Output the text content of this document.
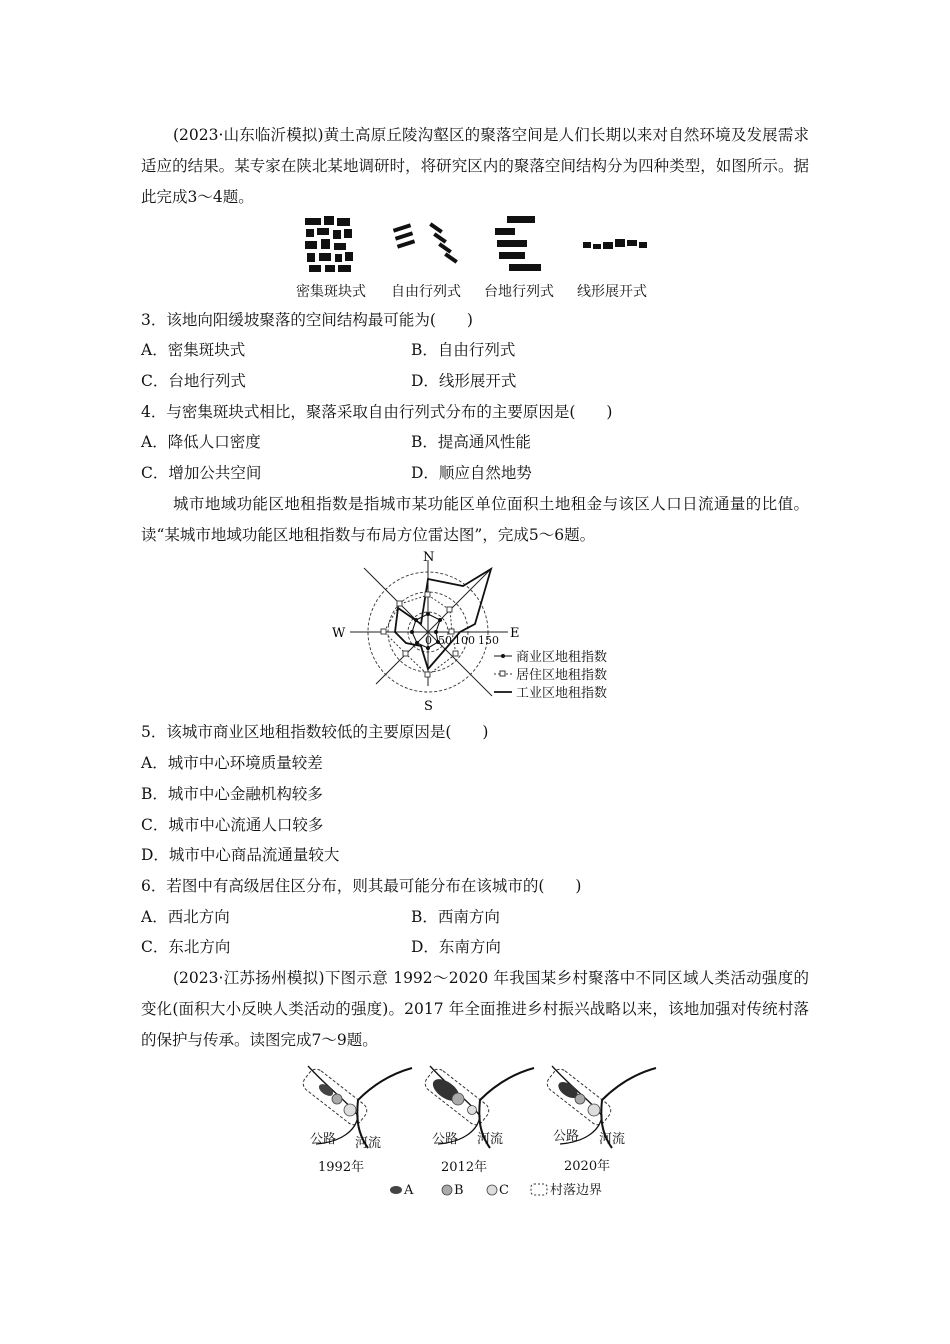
(2023·山东临沂模拟)黄土高原丘陵沟壑区的聚落空间是人们长期以来对自然环境及发展需求适应的结果。某专家在陕北某地调研时，将研究区内的聚落空间结构分为四种类型，如图所示。据此完成3～4题。
密集斑块式 自由行列式 台地行列式 线形展开式
3．该地向阳缓坡聚落的空间结构最可能为(　　)
A．密集斑块式	B．自由行列式
C．台地行列式	D．线形展开式
4．与密集斑块式相比，聚落采取自由行列式分布的主要原因是(　　)
A．降低人口密度	B．提高通风性能
C．增加公共空间	D．顺应自然地势
城市地域功能区地租指数是指城市某功能区单位面积土地租金与该区人口日流通量的比值。读“某城市地域功能区地租指数与布局方位雷达图”，完成5～6题。
N
E
S
W	0 50 100 150
商业区地租指数
居住区地租指数
工业区地租指数
5．该城市商业区地租指数较低的主要原因是(　　)
A．城市中心环境质量较差
B．城市中心金融机构较多
C．城市中心流通人口较多
D．城市中心商品流通量较大
6．若图中有高级居住区分布，则其最可能分布在该城市的(　　)
A．西北方向	B．西南方向
C．东北方向	D．东南方向
(2023·江苏扬州模拟)下图示意 1992～2020 年我国某乡村聚落中不同区域人类活动强度的变化(面积大小反映人类活动的强度)。2017 年全面推进乡村振兴战略以来，该地加强对传统村落的保护与传承。读图完成7～9题。
公路 河流	公路 河流	公路 河流
1992年	2012年	2020年
A	B	C	村落边界
